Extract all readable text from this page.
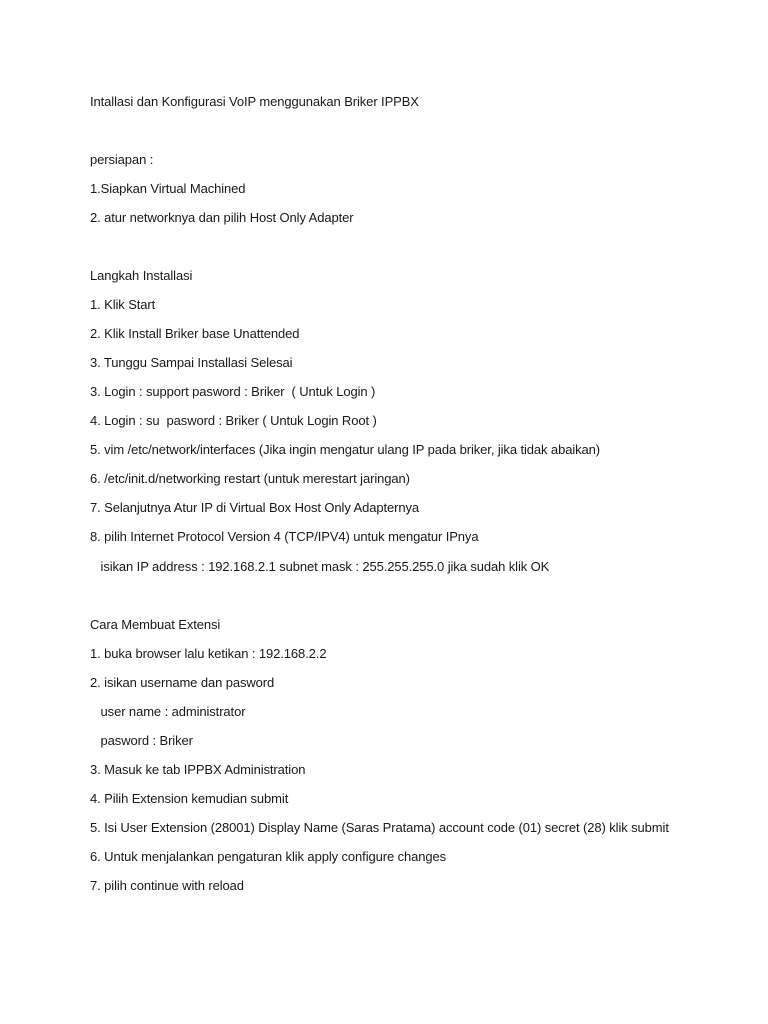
Intallasi dan Konfigurasi VoIP menggunakan Briker IPPBX
persiapan :
1.Siapkan Virtual Machined
2. atur networknya dan pilih Host Only Adapter
Langkah Installasi
1. Klik Start
2. Klik Install Briker base Unattended
3. Tunggu Sampai Installasi Selesai
3. Login : support pasword : Briker  ( Untuk Login )
4. Login : su  pasword : Briker ( Untuk Login Root )
5. vim /etc/network/interfaces (Jika ingin mengatur ulang IP pada briker, jika tidak abaikan)
6. /etc/init.d/networking restart (untuk merestart jaringan)
7. Selanjutnya Atur IP di Virtual Box Host Only Adapternya
8. pilih Internet Protocol Version 4 (TCP/IPV4) untuk mengatur IPnya
isikan IP address : 192.168.2.1 subnet mask : 255.255.255.0 jika sudah klik OK
Cara Membuat Extensi
1. buka browser lalu ketikan : 192.168.2.2
2. isikan username dan pasword
user name : administrator
pasword : Briker
3. Masuk ke tab IPPBX Administration
4. Pilih Extension kemudian submit
5. Isi User Extension (28001) Display Name (Saras Pratama) account code (01) secret (28) klik submit
6. Untuk menjalankan pengaturan klik apply configure changes
7. pilih continue with reload
